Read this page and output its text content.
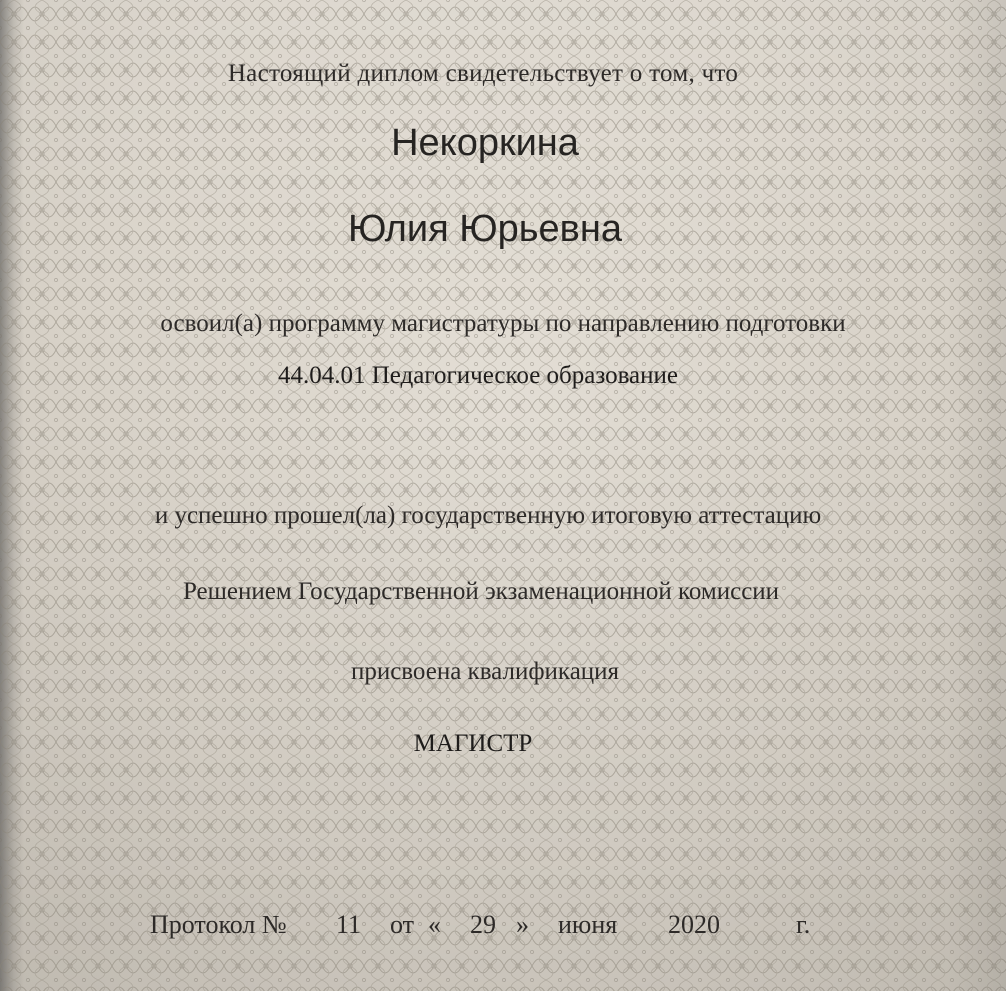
Настоящий диплом свидетельствует о том, что
Некоркина
Юлия Юрьевна
освоил(а) программу магистратуры по направлению подготовки
44.04.01 Педагогическое образование
и успешно прошел(ла) государственную итоговую аттестацию
Решением Государственной экзаменационной комиссии
присвоена квалификация
МАГИСТР
Протокол № 11 от « 29 » июня 2020	г.
